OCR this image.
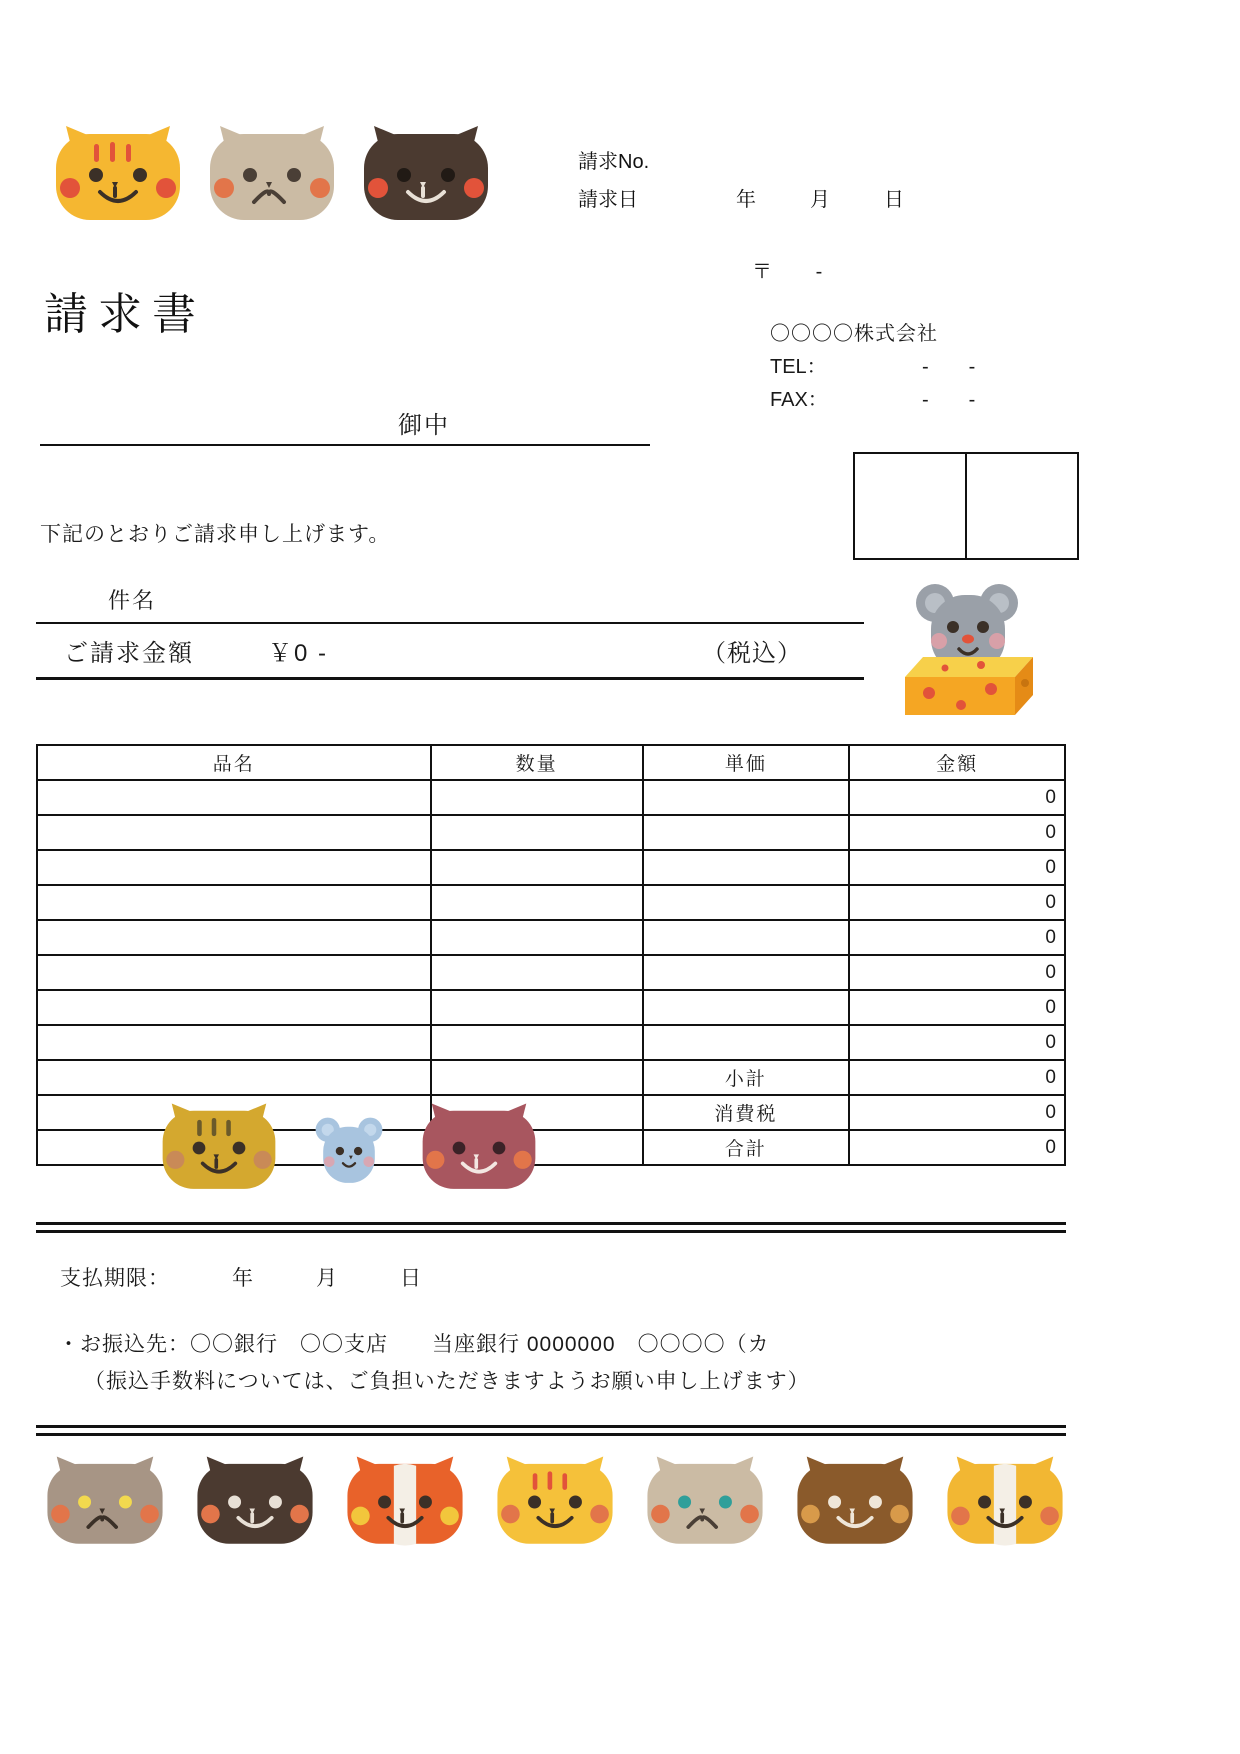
請求書
請求No.
請求日	年	月	日
〒 -
〇〇〇〇株式会社
TEL：	- -
FAX：	- -
御中
下記のとおりご請求申し上げます。
件名
ご請求金額	￥0 -	（税込）
品名	数量	単価	金額
			0
			0
			0
			0
			0
			0
			0
			0
		小計	0
		消費税	0
		合計	0
支払期限：	年	月	日
・お振込先：〇〇銀行　〇〇支店　　当座銀行 0000000　〇〇〇〇（カ
（振込手数料については、ご負担いただきますようお願い申し上げます）
